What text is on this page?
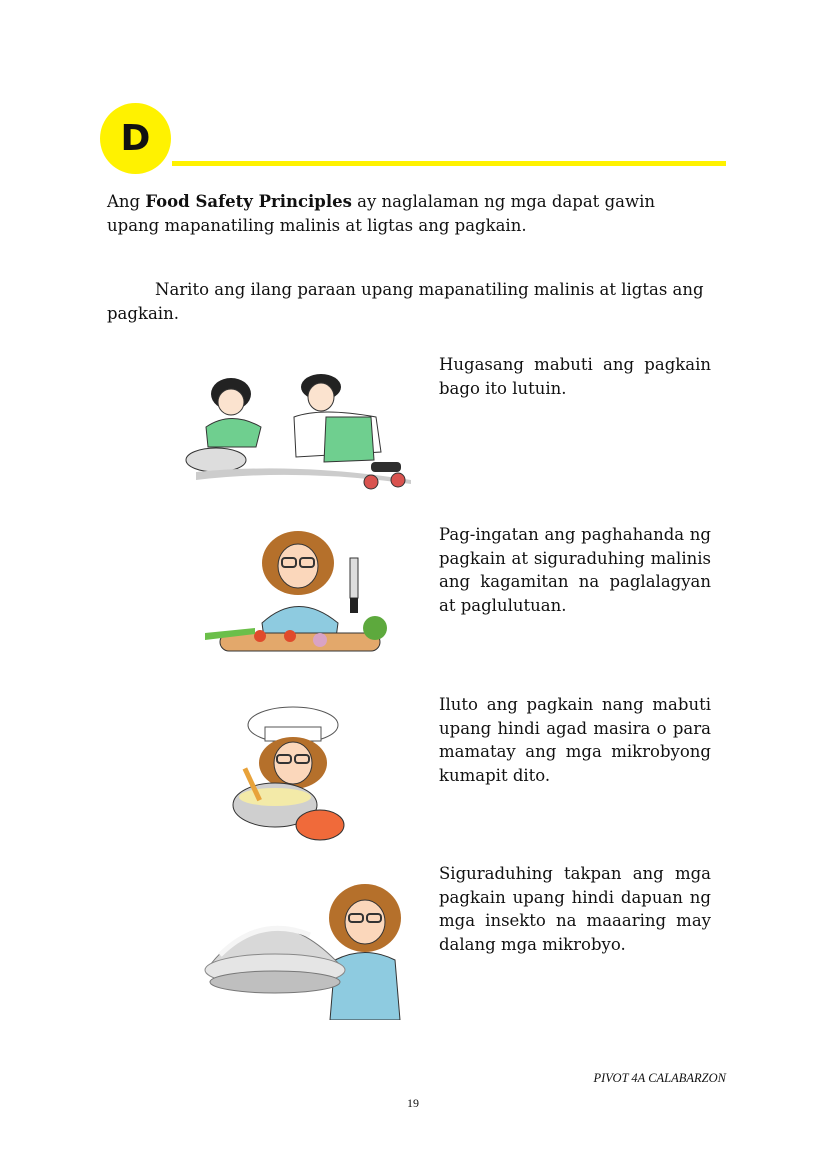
D

Ang Food Safety Principles ay naglalaman ng mga dapat gawin upang mapanatiling malinis at ligtas ang pagkain.

Narito ang ilang paraan upang mapanatiling malinis at ligtas ang pagkain.

Hugasang mabuti ang pagkain bago ito lutuin.

Pag-ingatan ang paghahanda ng pagkain at siguraduhing malinis ang kagamitan na paglalagyan at paglulutuan.

Iluto ang pagkain nang mabuti upang hindi agad masira o para mamatay ang mga mikrobyong kumapit dito.

Siguraduhing takpan ang mga pagkain upang hindi dapuan ng mga insekto na maaaring may dalang mga mikrobyo.

PIVOT 4A CALABARZON
19
